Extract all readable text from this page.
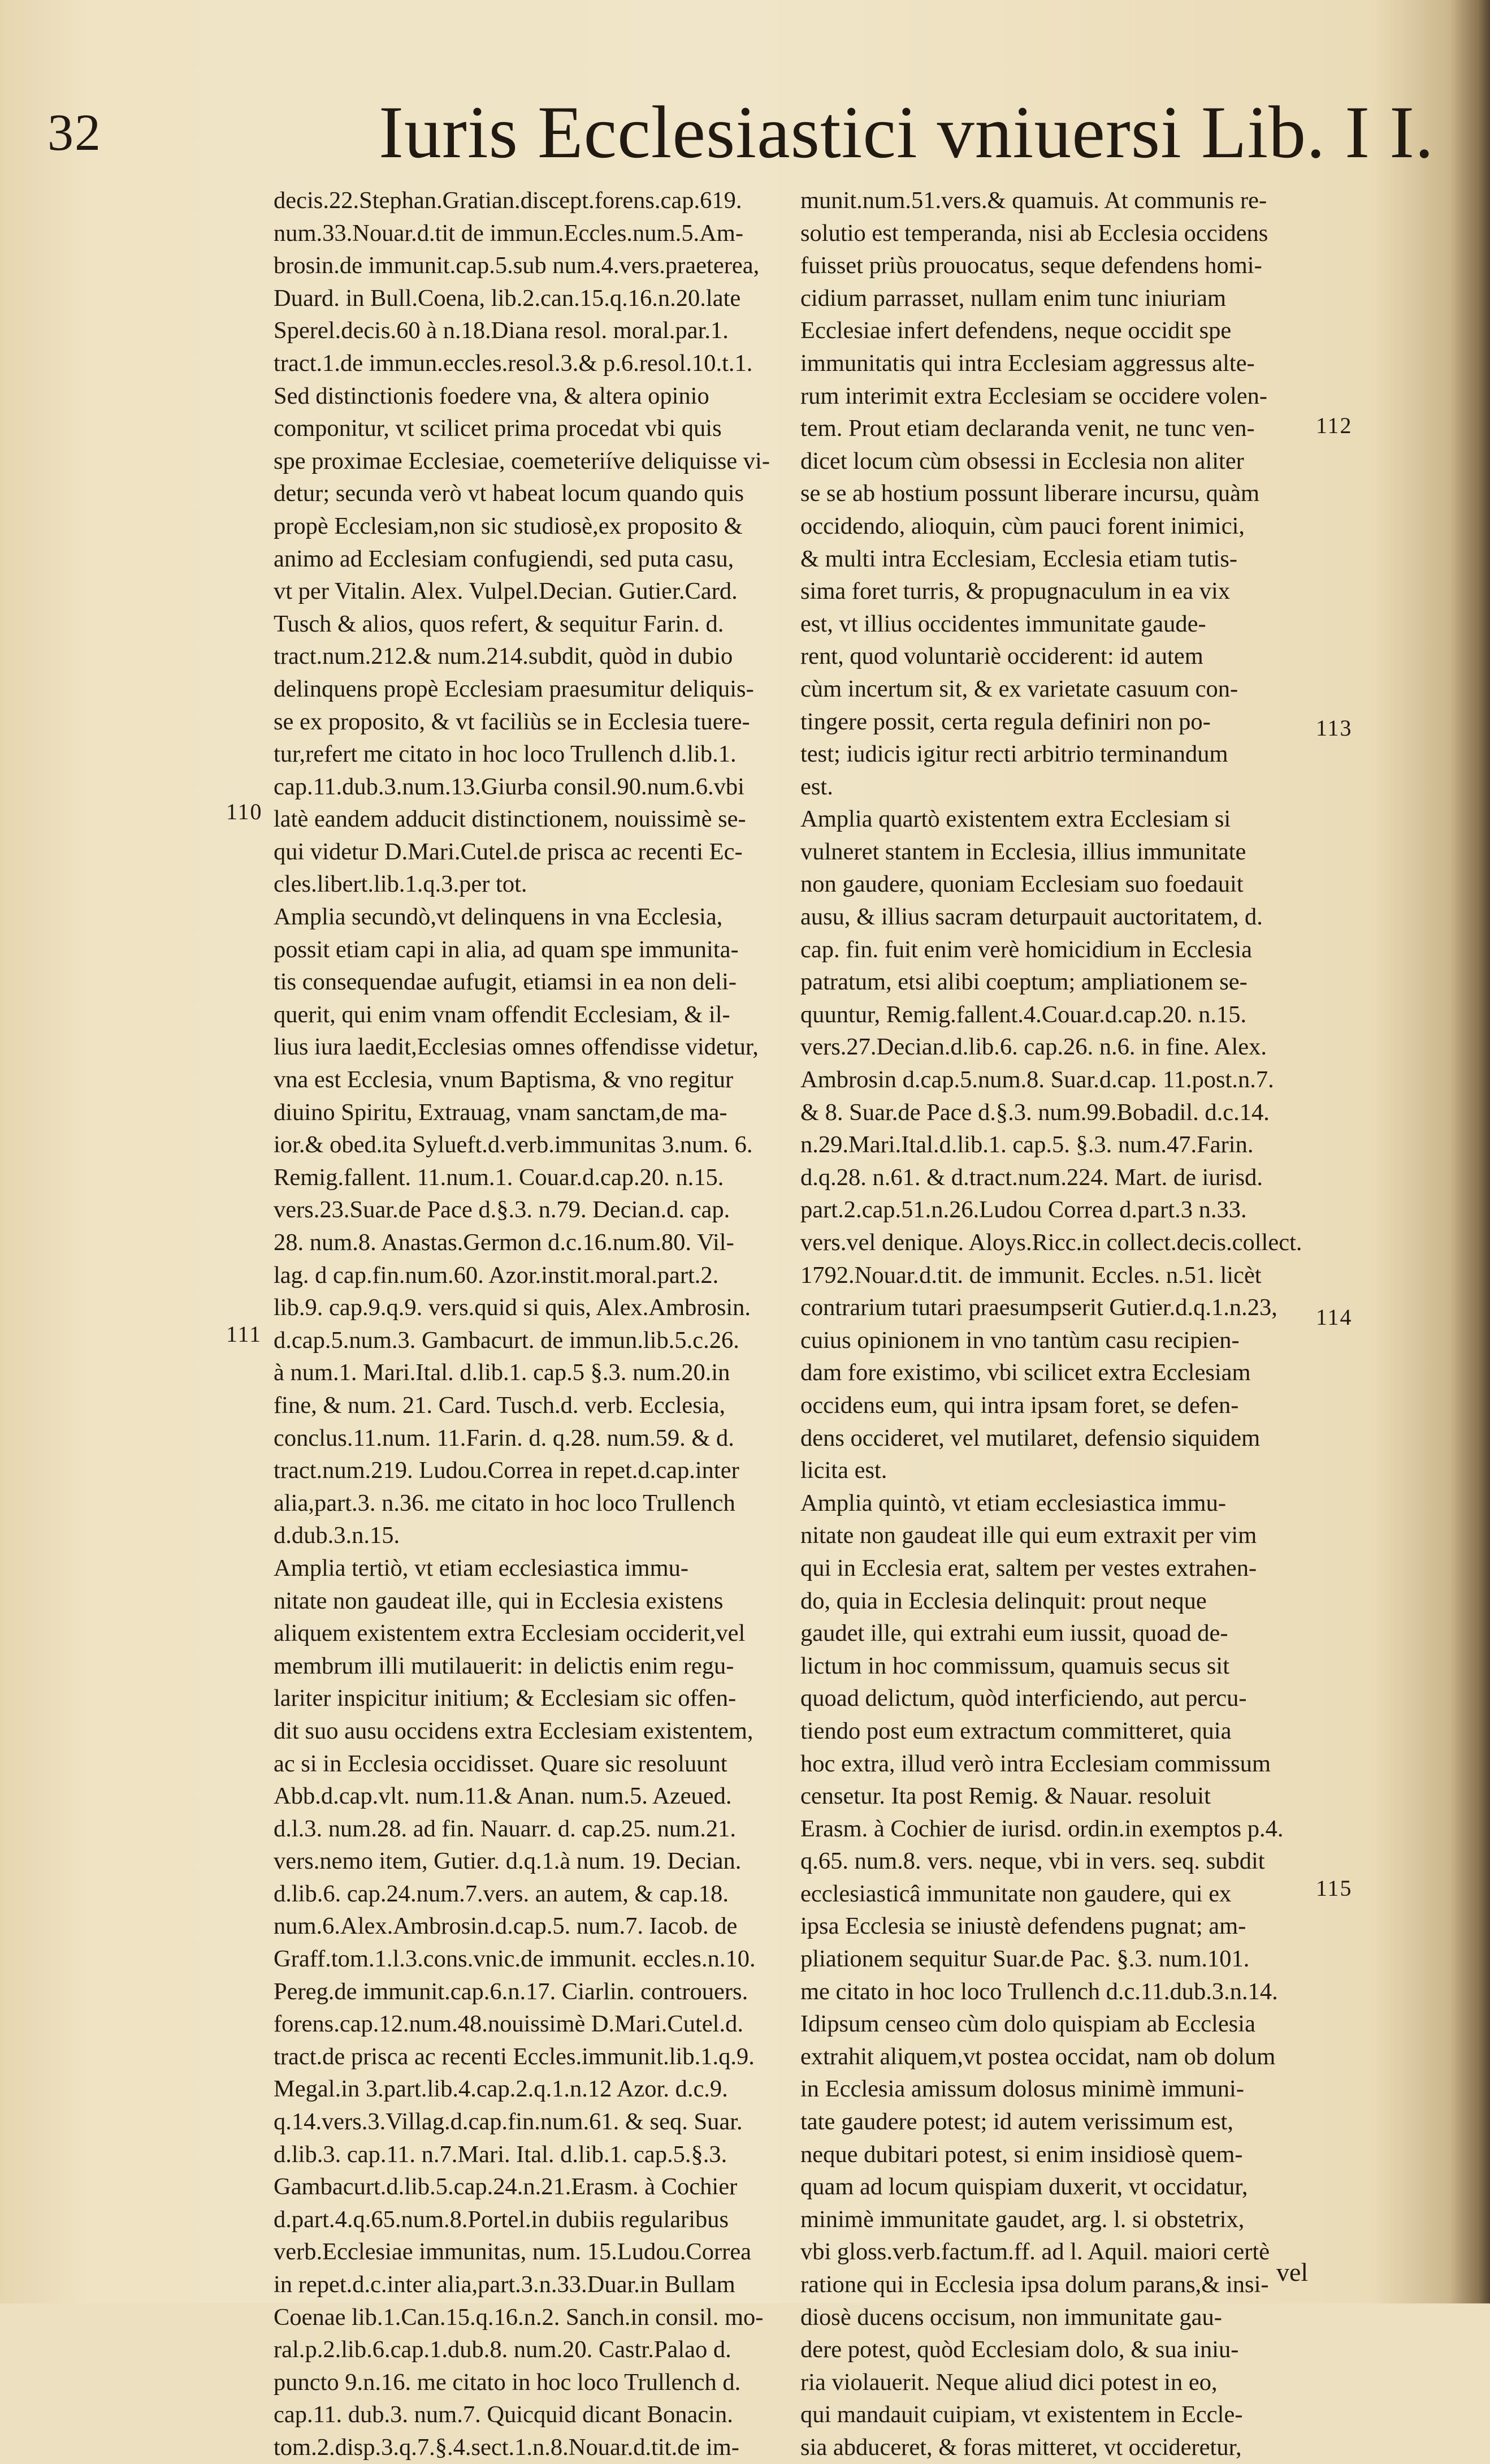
32	Iuris Ecclesiastici vniuersi Lib. I I.

decis.22.Stephan.Gratian.discept.forens.cap.619.
num.33.Nouar.d.tit de immun.Eccles.num.5.Am-
brosin.de immunit.cap.5.sub num.4.vers.praeterea,
Duard. in Bull.Coena, lib.2.can.15.q.16.n.20.late
Sperel.decis.60 à n.18.Diana resol. moral.par.1.
tract.1.de immun.eccles.resol.3.& p.6.resol.10.t.1.
Sed distinctionis foedere vna, & altera opinio
componitur, vt scilicet prima procedat vbi quis
spe proximae Ecclesiae, coemeteriíve deliquisse vi-
detur; secunda verò vt habeat locum quando quis
propè Ecclesiam,non sic studiosè,ex proposito &
animo ad Ecclesiam confugiendi, sed puta casu,
vt per Vitalin. Alex. Vulpel.Decian. Gutier.Card.
Tusch & alios, quos refert, & sequitur Farin. d.
tract.num.212.& num.214.subdit, quòd in dubio
delinquens propè Ecclesiam praesumitur deliquis-
se ex proposito, & vt faciliùs se in Ecclesia tuere-
tur,refert me citato in hoc loco Trullench d.lib.1.
cap.11.dub.3.num.13.Giurba consil.90.num.6.vbi
latè eandem adducit distinctionem, nouissimè se-
qui videtur D.Mari.Cutel.de prisca ac recenti Ec-
cles.libert.lib.1.q.3.per tot.

Amplia secundò,vt delinquens in vna Ecclesia,
possit etiam capi in alia, ad quam spe immunita-
tis consequendae aufugit, etiamsi in ea non deli-
querit, qui enim vnam offendit Ecclesiam, & il-
lius iura laedit,Ecclesias omnes offendisse videtur,
vna est Ecclesia, vnum Baptisma, & vno regitur
diuino Spiritu, Extrauag, vnam sanctam,de ma-
ior.& obed.ita Sylueft.d.verb.immunitas 3.num. 6.
Remig.fallent. 11.num.1. Couar.d.cap.20. n.15.
vers.23.Suar.de Pace d.§.3. n.79. Decian.d. cap.
28. num.8. Anastas.Germon d.c.16.num.80. Vil-
lag. d cap.fin.num.60. Azor.instit.moral.part.2.
lib.9. cap.9.q.9. vers.quid si quis, Alex.Ambrosin.
d.cap.5.num.3. Gambacurt. de immun.lib.5.c.26.
à num.1. Mari.Ital. d.lib.1. cap.5 §.3. num.20.in
fine, & num. 21. Card. Tusch.d. verb. Ecclesia,
conclus.11.num. 11.Farin. d. q.28. num.59. & d.
tract.num.219. Ludou.Correa in repet.d.cap.inter
alia,part.3. n.36. me citato in hoc loco Trullench
d.dub.3.n.15.

Amplia tertiò, vt etiam ecclesiastica immu-
nitate non gaudeat ille, qui in Ecclesia existens
aliquem existentem extra Ecclesiam occiderit,vel
membrum illi mutilauerit: in delictis enim regu-
lariter inspicitur initium; & Ecclesiam sic offen-
dit suo ausu occidens extra Ecclesiam existentem,
ac si in Ecclesia occidisset. Quare sic resoluunt
Abb.d.cap.vlt. num.11.& Anan. num.5. Azeued.
d.l.3. num.28. ad fin. Nauarr. d. cap.25. num.21.
vers.nemo item, Gutier. d.q.1.à num. 19. Decian.
d.lib.6. cap.24.num.7.vers. an autem, & cap.18.
num.6.Alex.Ambrosin.d.cap.5. num.7. Iacob. de
Graff.tom.1.l.3.cons.vnic.de immunit. eccles.n.10.
Pereg.de immunit.cap.6.n.17. Ciarlin. controuers.
forens.cap.12.num.48.nouissimè D.Mari.Cutel.d.
tract.de prisca ac recenti Eccles.immunit.lib.1.q.9.
Megal.in 3.part.lib.4.cap.2.q.1.n.12 Azor. d.c.9.
q.14.vers.3.Villag.d.cap.fin.num.61. & seq. Suar.
d.lib.3. cap.11. n.7.Mari. Ital. d.lib.1. cap.5.§.3.
Gambacurt.d.lib.5.cap.24.n.21.Erasm. à Cochier
d.part.4.q.65.num.8.Portel.in dubiis regularibus
verb.Ecclesiae immunitas, num. 15.Ludou.Correa
in repet.d.c.inter alia,part.3.n.33.Duar.in Bullam
Coenae lib.1.Can.15.q.16.n.2. Sanch.in consil. mo-
ral.p.2.lib.6.cap.1.dub.8. num.20. Castr.Palao d.
puncto 9.n.16. me citato in hoc loco Trullench d.
cap.11. dub.3. num.7. Quicquid dicant Bonacin.
tom.2.disp.3.q.7.§.4.sect.1.n.8.Nouar.d.tit.de im-

munit.num.51.vers.& quamuis. At communis re-
solutio est temperanda, nisi ab Ecclesia occidens
fuisset priùs prouocatus, seque defendens homi-
cidium parrasset, nullam enim tunc iniuriam
Ecclesiae infert defendens, neque occidit spe
immunitatis qui intra Ecclesiam aggressus alte-
rum interimit extra Ecclesiam se occidere volen-
tem. Prout etiam declaranda venit, ne tunc ven-
dicet locum cùm obsessi in Ecclesia non aliter
se se ab hostium possunt liberare incursu, quàm
occidendo, alioquin, cùm pauci forent inimici,
& multi intra Ecclesiam, Ecclesia etiam tutis-
sima foret turris, & propugnaculum in ea vix
est, vt illius occidentes immunitate gaude-
rent, quod voluntariè occiderent: id autem
cùm incertum sit, & ex varietate casuum con-
tingere possit, certa regula definiri non po-
test; iudicis igitur recti arbitrio terminandum
est.

Amplia quartò existentem extra Ecclesiam si
vulneret stantem in Ecclesia, illius immunitate
non gaudere, quoniam Ecclesiam suo foedauit
ausu, & illius sacram deturpauit auctoritatem, d.
cap. fin. fuit enim verè homicidium in Ecclesia
patratum, etsi alibi coeptum; ampliationem se-
quuntur, Remig.fallent.4.Couar.d.cap.20. n.15.
vers.27.Decian.d.lib.6. cap.26. n.6. in fine. Alex.
Ambrosin d.cap.5.num.8. Suar.d.cap. 11.post.n.7.
& 8. Suar.de Pace d.§.3. num.99.Bobadil. d.c.14.
n.29.Mari.Ital.d.lib.1. cap.5. §.3. num.47.Farin.
d.q.28. n.61. & d.tract.num.224. Mart. de iurisd.
part.2.cap.51.n.26.Ludou Correa d.part.3 n.33.
vers.vel denique. Aloys.Ricc.in collect.decis.collect.
1792.Nouar.d.tit. de immunit. Eccles. n.51. licèt
contrarium tutari praesumpserit Gutier.d.q.1.n.23,
cuius opinionem in vno tantùm casu recipien-
dam fore existimo, vbi scilicet extra Ecclesiam
occidens eum, qui intra ipsam foret, se defen-
dens occideret, vel mutilaret, defensio siquidem
licita est.

Amplia quintò, vt etiam ecclesiastica immu-
nitate non gaudeat ille qui eum extraxit per vim
qui in Ecclesia erat, saltem per vestes extrahen-
do, quia in Ecclesia delinquit: prout neque
gaudet ille, qui extrahi eum iussit, quoad de-
lictum in hoc commissum, quamuis secus sit
quoad delictum, quòd interficiendo, aut percu-
tiendo post eum extractum committeret, quia
hoc extra, illud verò intra Ecclesiam commissum
censetur. Ita post Remig. & Nauar. resoluit
Erasm. à Cochier de iurisd. ordin.in exemptos p.4.
q.65. num.8. vers. neque, vbi in vers. seq. subdit
ecclesiasticâ immunitate non gaudere, qui ex
ipsa Ecclesia se iniustè defendens pugnat; am-
pliationem sequitur Suar.de Pac. §.3. num.101.
me citato in hoc loco Trullench d.c.11.dub.3.n.14.
Idipsum censeo cùm dolo quispiam ab Ecclesia
extrahit aliquem,vt postea occidat, nam ob dolum
in Ecclesia amissum dolosus minimè immuni-
tate gaudere potest; id autem verissimum est,
neque dubitari potest, si enim insidiosè quem-
quam ad locum quispiam duxerit, vt occidatur,
minimè immunitate gaudet, arg. l. si obstetrix,
vbi gloss.verb.factum.ff. ad l. Aquil. maiori certè
ratione qui in Ecclesia ipsa dolum parans,& insi-
diosè ducens occisum, non immunitate gau-
dere potest, quòd Ecclesiam dolo, & sua iniu-
ria violauerit. Neque aliud dici potest in eo,
qui mandauit cuipiam, vt existentem in Eccle-
sia abduceret, & foras mitteret, vt occideretur,

110
111
112
113
114
115
vel
